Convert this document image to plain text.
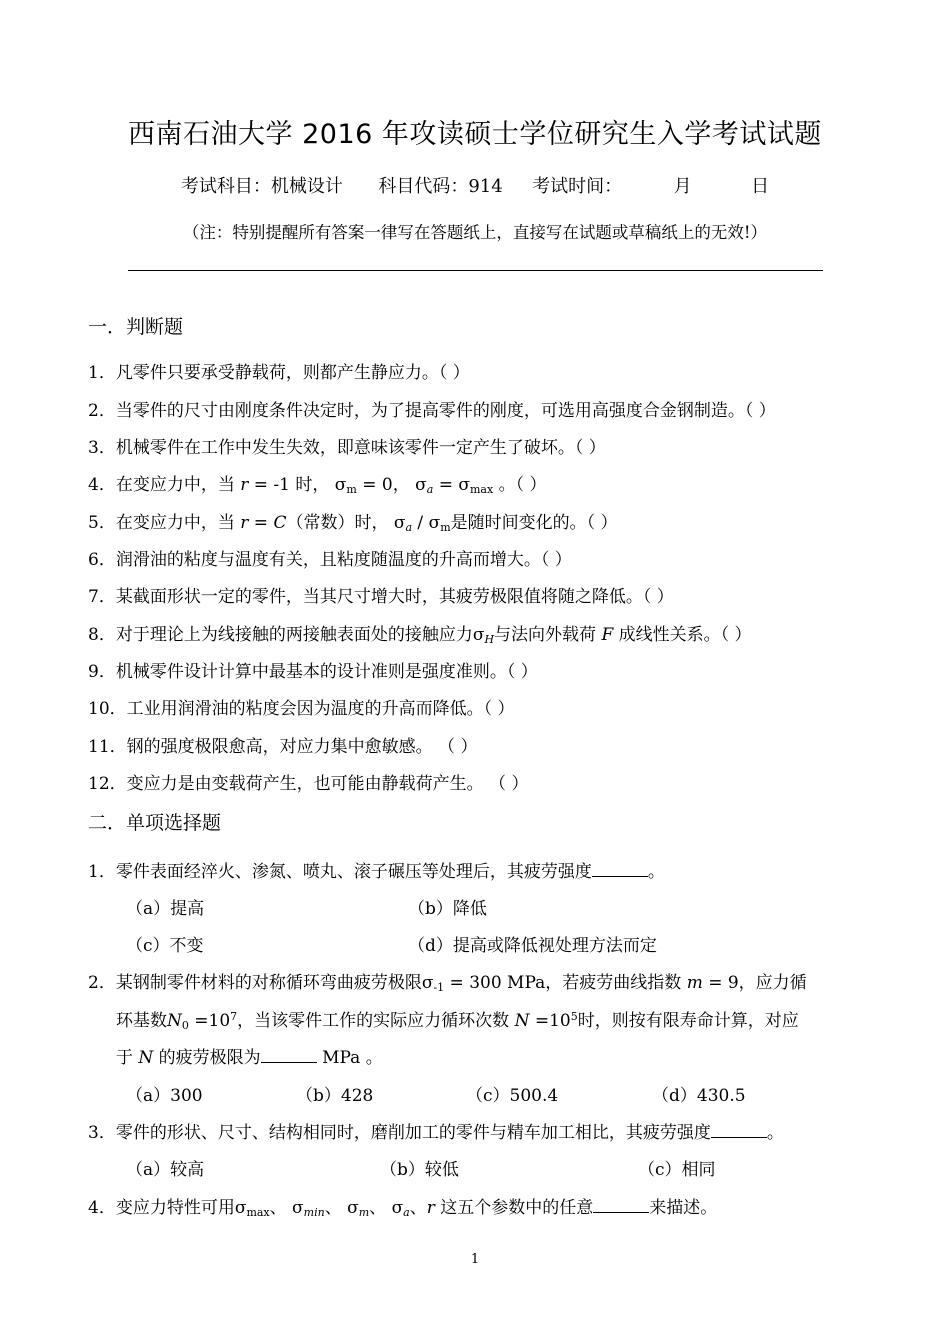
西南石油大学 2016 年攻读硕士学位研究生入学考试试题
考试科目：机械设计 科目代码：914 考试时间：	月	日
（注：特别提醒所有答案一律写在答题纸上，直接写在试题或草稿纸上的无效!）
一．判断题
1．凡零件只要承受静载荷，则都产生静应力。（ ）
2．当零件的尺寸由刚度条件决定时，为了提高零件的刚度，可选用高强度合金钢制造。（ ）
3．机械零件在工作中发生失效，即意味该零件一定产生了破坏。（ ）
4．在变应力中，当 r = -1 时， $\sigma_m = 0$， $\sigma_a = \sigma_{max}$ 。（ ）
5．在变应力中，当 r = C（常数）时， $\sigma_a / \sigma_m$是随时间变化的。（ ）
6．润滑油的粘度与温度有关，且粘度随温度的升高而增大。（ ）
7．某截面形状一定的零件，当其尺寸增大时，其疲劳极限值将随之降低。（ ）
8．对于理论上为线接触的两接触表面处的接触应力$\sigma_H$与法向外载荷 F 成线性关系。（ ）
9．机械零件设计计算中最基本的设计准则是强度准则。（ ）
10．工业用润滑油的粘度会因为温度的升高而降低。（ ）
11．钢的强度极限愈高，对应力集中愈敏感。 （ ）
12．变应力是由变载荷产生，也可能由静载荷产生。 （ ）
二．单项选择题
1．零件表面经淬火、渗氮、喷丸、滚子碾压等处理后，其疲劳强度	。
（a）提高	（b）降低
（c）不变	（d）提高或降低视处理方法而定
2．某钢制零件材料的对称循环弯曲疲劳极限$\sigma_{-1} = 300$ MPa，若疲劳曲线指数 m = 9，应力循
环基数$N_0 =10^7$，当该零件工作的实际应力循环次数 $N =10^5$时，则按有限寿命计算，对应
于 N 的疲劳极限为	MPa 。
（a）300	（b）428	（c）500.4	（d）430.5
3．零件的形状、尺寸、结构相同时，磨削加工的零件与精车加工相比，其疲劳强度	。
（a）较高	（b）较低	（c）相同
4．变应力特性可用$\sigma_{max}$、 $\sigma_{min}$、 $\sigma_m$、 $\sigma_a$、r 这五个参数中的任意	来描述。
1
